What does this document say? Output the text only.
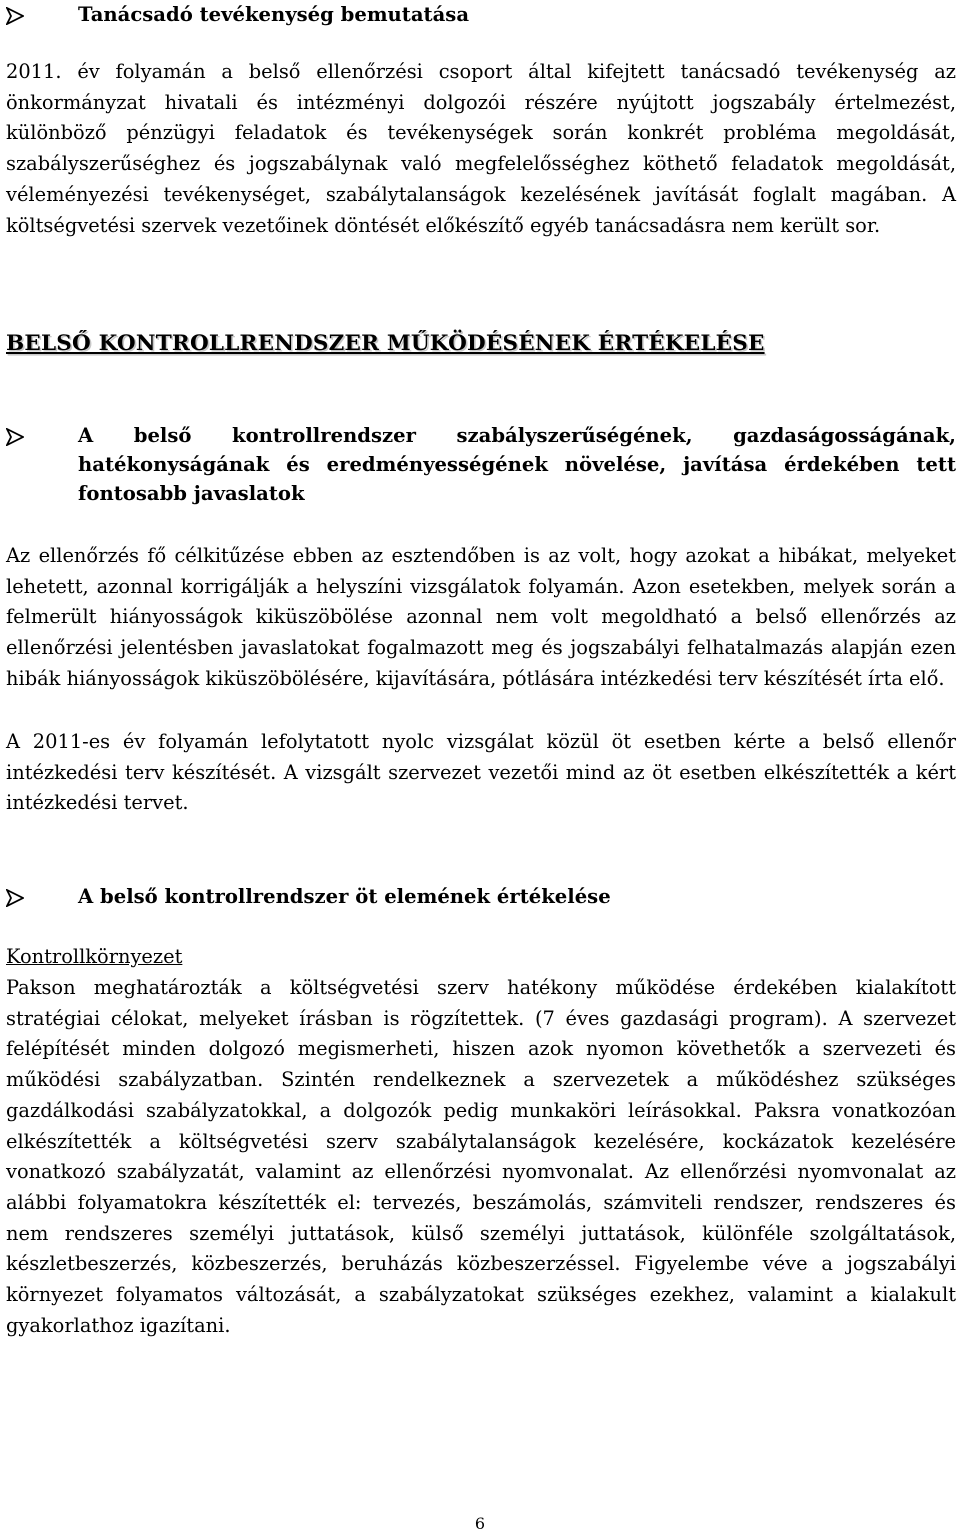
Tanácsadó tevékenység bemutatása

2011. év folyamán a belső ellenőrzési csoport által kifejtett tanácsadó tevékenység az önkormányzat hivatali és intézményi dolgozói részére nyújtott jogszabály értelmezést, különböző pénzügyi feladatok és tevékenységek során konkrét probléma megoldását, szabályszerűséghez és jogszabálynak való megfelelősséghez köthető feladatok megoldását, véleményezési tevékenységet, szabálytalanságok kezelésének javítását foglalt magában. A költségvetési szervek vezetőinek döntését előkészítő egyéb tanácsadásra nem került sor.

BELSŐ KONTROLLRENDSZER MŰKÖDÉSÉNEK ÉRTÉKELÉSE
A belső kontrollrendszer szabályszerűségének, gazdaságosságának, hatékonyságának és eredményességének növelése, javítása érdekében tett fontosabb javaslatok

Az ellenőrzés fő célkitűzése ebben az esztendőben is az volt, hogy azokat a hibákat, melyeket lehetett, azonnal korrigálják a helyszíni vizsgálatok folyamán. Azon esetekben, melyek során a felmerült hiányosságok kiküszöbölése azonnal nem volt megoldható a belső ellenőrzés az ellenőrzési jelentésben javaslatokat fogalmazott meg és jogszabályi felhatalmazás alapján ezen hibák hiányosságok kiküszöbölésére, kijavítására, pótlására intézkedési terv készítését írta elő.

A 2011-es év folyamán lefolytatott nyolc vizsgálat közül öt esetben kérte a belső ellenőr intézkedési terv készítését. A vizsgált szervezet vezetői mind az öt esetben elkészítették a kért intézkedési tervet.

A belső kontrollrendszer öt elemének értékelése
Kontrollkörnyezet

Pakson meghatározták a költségvetési szerv hatékony működése érdekében kialakított stratégiai célokat, melyeket írásban is rögzítettek. (7 éves gazdasági program). A szervezet felépítését minden dolgozó megismerheti, hiszen azok nyomon követhetők a szervezeti és működési szabályzatban. Szintén rendelkeznek a szervezetek a működéshez szükséges gazdálkodási szabályzatokkal, a dolgozók pedig munkaköri leírásokkal. Paksra vonatkozóan elkészítették a költségvetési szerv szabálytalanságok kezelésére, kockázatok kezelésére vonatkozó szabályzatát, valamint az ellenőrzési nyomvonalat. Az ellenőrzési nyomvonalat az alábbi folyamatokra készítették el: tervezés, beszámolás, számviteli rendszer, rendszeres és nem rendszeres személyi juttatások, külső személyi juttatások, különféle szolgáltatások, készletbeszerzés, közbeszerzés, beruházás közbeszerzéssel. Figyelembe véve a jogszabályi környezet folyamatos változását, a szabályzatokat szükséges ezekhez, valamint a kialakult gyakorlathoz igazítani.

6
